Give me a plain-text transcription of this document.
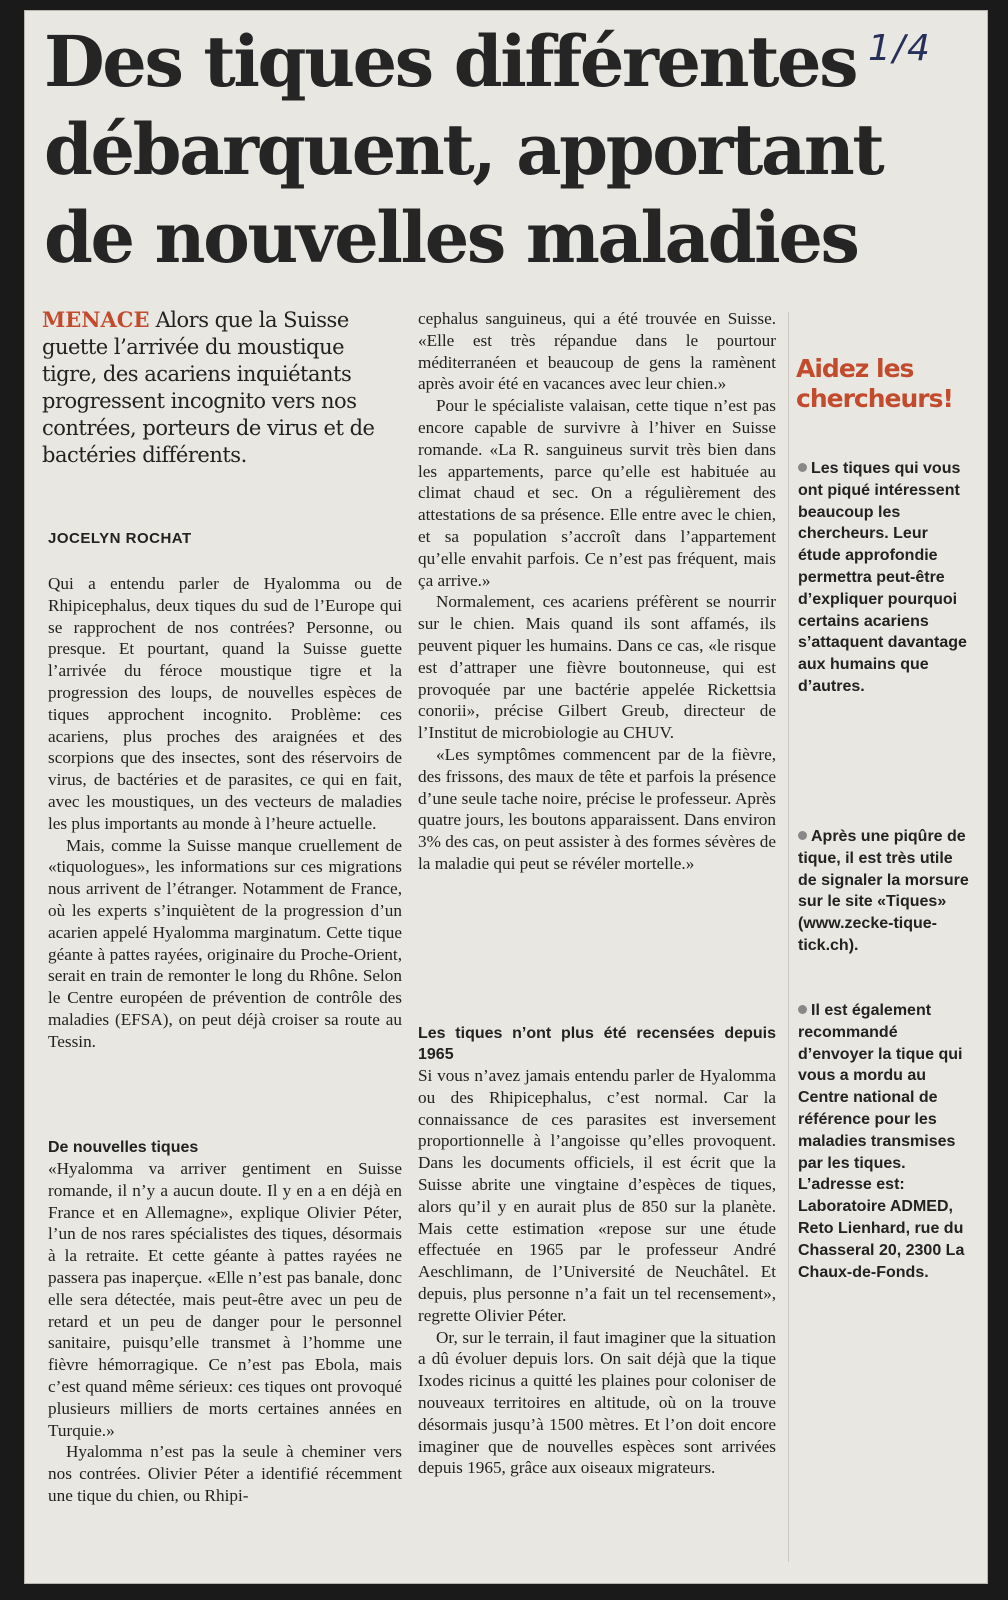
Des tiques différentes
débarquent, apportant
de nouvelles maladies
1/4

MENACE Alors que la Suisse guette l’arrivée du moustique tigre, des acariens inquiétants progressent incognito vers nos contrées, porteurs de virus et de bactéries différents.

JOCELYN ROCHAT

Qui a entendu parler de Hyalomma ou de Rhipicephalus, deux tiques du sud de l’Europe qui se rapprochent de nos contrées? Personne, ou presque. Et pourtant, quand la Suisse guette l’arrivée du féroce moustique tigre et la progression des loups, de nouvelles espèces de tiques approchent incognito. Problème: ces acariens, plus proches des araignées et des scorpions que des insectes, sont des réservoirs de virus, de bactéries et de parasites, ce qui en fait, avec les moustiques, un des vecteurs de maladies les plus importants au monde à l’heure actuelle.

Mais, comme la Suisse manque cruellement de «tiquologues», les informations sur ces migrations nous arrivent de l’étranger. Notamment de France, où les experts s’inquiètent de la progression d’un acarien appelé Hyalomma marginatum. Cette tique géante à pattes rayées, originaire du Proche-Orient, serait en train de remonter le long du Rhône. Selon le Centre européen de prévention de contrôle des maladies (EFSA), on peut déjà croiser sa route au Tessin.

De nouvelles tiques

«Hyalomma va arriver gentiment en Suisse romande, il n’y a aucun doute. Il y en a en déjà en France et en Allemagne», explique Olivier Péter, l’un de nos rares spécialistes des tiques, désormais à la retraite. Et cette géante à pattes rayées ne passera pas inaperçue. «Elle n’est pas banale, donc elle sera détectée, mais peut-être avec un peu de retard et un peu de danger pour le personnel sanitaire, puisqu’elle transmet à l’homme une fièvre hémorragique. Ce n’est pas Ebola, mais c’est quand même sérieux: ces tiques ont provoqué plusieurs milliers de morts certaines années en Turquie.»

Hyalomma n’est pas la seule à cheminer vers nos contrées. Olivier Péter a identifié récemment une tique du chien, ou Rhipi-

cephalus sanguineus, qui a été trouvée en Suisse. «Elle est très répandue dans le pourtour méditerranéen et beaucoup de gens la ramènent après avoir été en vacances avec leur chien.»

Pour le spécialiste valaisan, cette tique n’est pas encore capable de survivre à l’hiver en Suisse romande. «La R. sanguineus survit très bien dans les appartements, parce qu’elle est habituée au climat chaud et sec. On a régulièrement des attestations de sa présence. Elle entre avec le chien, et sa population s’accroît dans l’appartement qu’elle envahit parfois. Ce n’est pas fréquent, mais ça arrive.»

Normalement, ces acariens préfèrent se nourrir sur le chien. Mais quand ils sont affamés, ils peuvent piquer les humains. Dans ce cas, «le risque est d’attraper une fièvre boutonneuse, qui est provoquée par une bactérie appelée Rickettsia conorii», précise Gilbert Greub, directeur de l’Institut de microbiologie au CHUV.

«Les symptômes commencent par de la fièvre, des frissons, des maux de tête et parfois la présence d’une seule tache noire, précise le professeur. Après quatre jours, les boutons apparaissent. Dans environ 3% des cas, on peut assister à des formes sévères de la maladie qui peut se révéler mortelle.»

Les tiques n’ont plus été recensées depuis 1965

Si vous n’avez jamais entendu parler de Hyalomma ou des Rhipicephalus, c’est normal. Car la connaissance de ces parasites est inversement proportionnelle à l’angoisse qu’elles provoquent. Dans les documents officiels, il est écrit que la Suisse abrite une vingtaine d’espèces de tiques, alors qu’il y en aurait plus de 850 sur la planète. Mais cette estimation «repose sur une étude effectuée en 1965 par le professeur André Aeschlimann, de l’Université de Neuchâtel. Et depuis, plus personne n’a fait un tel recensement», regrette Olivier Péter.

Or, sur le terrain, il faut imaginer que la situation a dû évoluer depuis lors. On sait déjà que la tique Ixodes ricinus a quitté les plaines pour coloniser de nouveaux territoires en altitude, où on la trouve désormais jusqu’à 1500 mètres. Et l’on doit encore imaginer que de nouvelles espèces sont arrivées depuis 1965, grâce aux oiseaux migrateurs.

Aidez les chercheurs!
Les tiques qui vous ont piqué intéressent beaucoup les chercheurs. Leur étude approfondie permettra peut-être d’expliquer pourquoi certains acariens s’attaquent davantage aux humains que d’autres.
Après une piqûre de tique, il est très utile de signaler la morsure sur le site «Tiques» (www.zecke-tique-tick.ch).
Il est également recommandé d’envoyer la tique qui vous a mordu au Centre national de référence pour les maladies transmises par les tiques. L’adresse est: Laboratoire ADMED, Reto Lienhard, rue du Chasseral 20, 2300 La Chaux-de-Fonds.
